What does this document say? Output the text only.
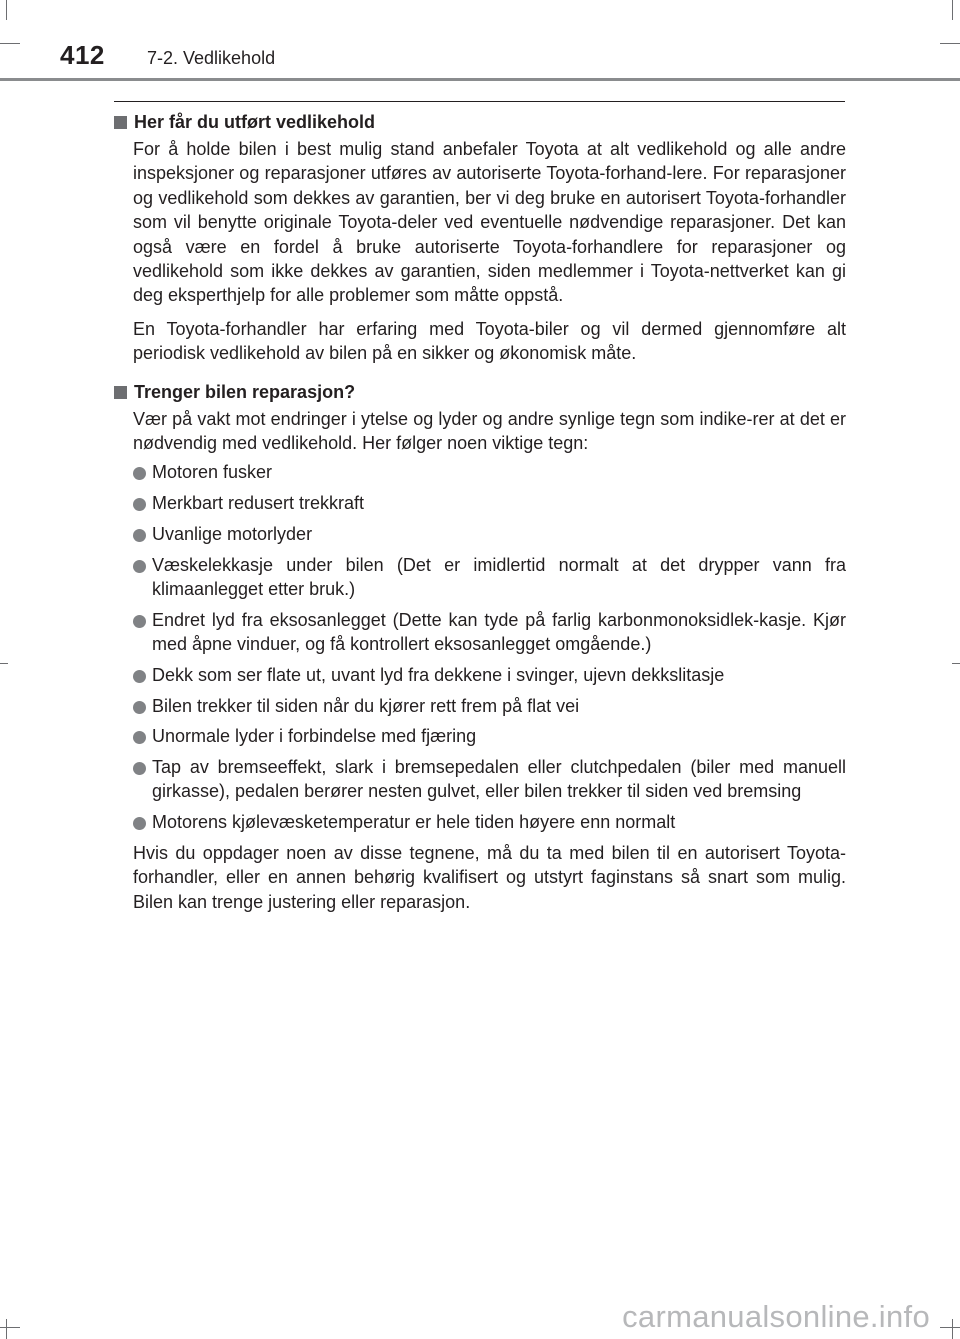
412 7-2. Vedlikehold
Her får du utført vedlikehold

For å holde bilen i best mulig stand anbefaler Toyota at alt vedlikehold og alle andre inspeksjoner og reparasjoner utføres av autoriserte Toyota-forhand-lere. For reparasjoner og vedlikehold som dekkes av garantien, ber vi deg bruke en autorisert Toyota-forhandler som vil benytte originale Toyota-deler ved eventuelle nødvendige reparasjoner. Det kan også være en fordel å bruke autoriserte Toyota-forhandlere for reparasjoner og vedlikehold som ikke dekkes av garantien, siden medlemmer i Toyota-nettverket kan gi deg eksperthjelp for alle problemer som måtte oppstå.

En Toyota-forhandler har erfaring med Toyota-biler og vil dermed gjennomføre alt periodisk vedlikehold av bilen på en sikker og økonomisk måte.

Trenger bilen reparasjon?

Vær på vakt mot endringer i ytelse og lyder og andre synlige tegn som indike-rer at det er nødvendig med vedlikehold. Her følger noen viktige tegn:

Motoren fusker
Merkbart redusert trekkraft
Uvanlige motorlyder
Væskelekkasje under bilen (Det er imidlertid normalt at det drypper vann fra klimaanlegget etter bruk.)
Endret lyd fra eksosanlegget (Dette kan tyde på farlig karbonmonoksidlek-kasje. Kjør med åpne vinduer, og få kontrollert eksosanlegget omgående.)
Dekk som ser flate ut, uvant lyd fra dekkene i svinger, ujevn dekkslitasje
Bilen trekker til siden når du kjører rett frem på flat vei
Unormale lyder i forbindelse med fjæring
Tap av bremseeffekt, slark i bremsepedalen eller clutchpedalen (biler med manuell girkasse), pedalen berører nesten gulvet, eller bilen trekker til siden ved bremsing
Motorens kjølevæsketemperatur er hele tiden høyere enn normalt

Hvis du oppdager noen av disse tegnene, må du ta med bilen til en autorisert Toyota-forhandler, eller en annen behørig kvalifisert og utstyrt faginstans så snart som mulig. Bilen kan trenge justering eller reparasjon.

carmanualsonline.info
